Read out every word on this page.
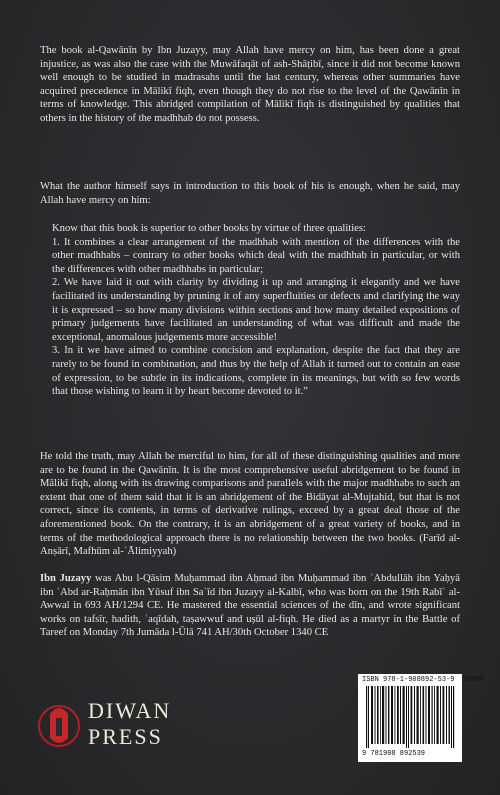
The book al-Qawānīn by Ibn Juzayy, may Allah have mercy on him, has been done a great injustice, as was also the case with the Muwāfaqāt of ash-Shāṭibī, since it did not become known well enough to be studied in madrasahs until the last century, whereas other summaries have acquired precedence in Mālikī fiqh, even though they do not rise to the level of the Qawānīn in terms of knowledge. This abridged compilation of Mālikī fiqh is distinguished by qualities that others in the history of the madhhab do not possess.

What the author himself says in introduction to this book of his is enough, when he said, may Allah have mercy on him:

Know that this book is superior to other books by virtue of three qualities:

1. It combines a clear arrangement of the madhhab with mention of the differences with the other madhhabs – contrary to other books which deal with the madhhab in particular, or with the differences with other madhhabs in particular;

2. We have laid it out with clarity by dividing it up and arranging it elegantly and we have facilitated its understanding by pruning it of any superfluities or defects and clarifying the way it is expressed – so how many divisions within sections and how many detailed expositions of primary judgements have facilitated an understanding of what was difficult and made the exceptional, anomalous judgements more accessible!

3. In it we have aimed to combine concision and explanation, despite the fact that they are rarely to be found in combination, and thus by the help of Allah it turned out to contain an ease of expression, to be subtle in its indications, complete in its meanings, but with so few words that those wishing to learn it by heart become devoted to it.”

He told the truth, may Allah be merciful to him, for all of these distinguishing qualities and more are to be found in the Qawānīn. It is the most comprehensive useful abridgement to be found in Mālikī fiqh, along with its drawing comparisons and parallels with the major madhhabs to such an extent that one of them said that it is an abridgement of the Bidāyat al-Mujtahid, but that is not correct, since its contents, in terms of derivative rulings, exceed by a great deal those of the aforementioned book. On the contrary, it is an abridgement of a great variety of books, and in terms of the methodological approach there is no relationship between the two books. (Farīd al-Anṣārī, Mafhūm al-ʿĀlimiyyah)

Ibn Juzayy was Abu l-Qāsim Muḥammad ibn Aḥmad ibn Muḥammad ibn ʿAbdullāh ibn Yaḥyā ibn ʿAbd ar-Raḥmān ibn Yūsuf ibn Saʿīd ibn Juzayy al-Kalbī, who was born on the 19th Rabīʿ al-Awwal in 693 AH/1294 CE. He mastered the essential sciences of the dīn, and wrote significant works on tafsīr, hadith, ʿaqīdah, taṣawwuf and uṣūl al-fiqh. He died as a martyr in the Battle of Tareef on Monday 7th Jumāda l-Ūlā 741 AH/30th October 1340 CE

DIWAN
PRESS
ISBN 978-1-908892-53-9 90000
9 781908 892539
